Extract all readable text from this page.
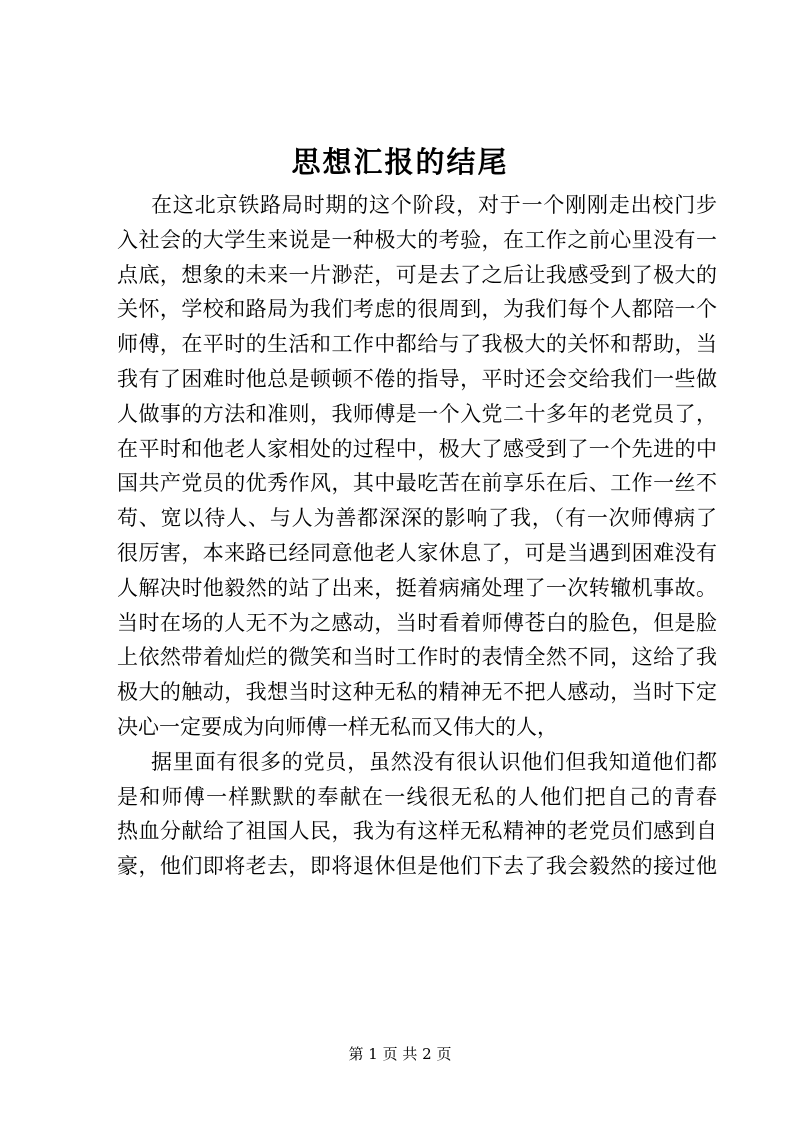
思想汇报的结尾
在这北京铁路局时期的这个阶段，对于一个刚刚走出校门步
入社会的大学生来说是一种极大的考验，在工作之前心里没有一
点底，想象的未来一片渺茫，可是去了之后让我感受到了极大的
关怀，学校和路局为我们考虑的很周到，为我们每个人都陪一个
师傅，在平时的生活和工作中都给与了我极大的关怀和帮助，当
我有了困难时他总是顿顿不倦的指导，平时还会交给我们一些做
人做事的方法和准则，我师傅是一个入党二十多年的老党员了，
在平时和他老人家相处的过程中，极大了感受到了一个先进的中
国共产党员的优秀作风，其中最吃苦在前享乐在后、工作一丝不
苟、宽以待人、与人为善都深深的影响了我，（有一次师傅病了
很厉害，本来路已经同意他老人家休息了，可是当遇到困难没有
人解决时他毅然的站了出来，挺着病痛处理了一次转辙机事故。
当时在场的人无不为之感动，当时看着师傅苍白的脸色，但是脸
上依然带着灿烂的微笑和当时工作时的表情全然不同，这给了我
极大的触动，我想当时这种无私的精神无不把人感动，当时下定
决心一定要成为向师傅一样无私而又伟大的人，
据里面有很多的党员，虽然没有很认识他们但我知道他们都
是和师傅一样默默的奉献在一线很无私的人他们把自己的青春
热血分献给了祖国人民，我为有这样无私精神的老党员们感到自
豪，他们即将老去，即将退休但是他们下去了我会毅然的接过他
第 1 页 共 2 页
